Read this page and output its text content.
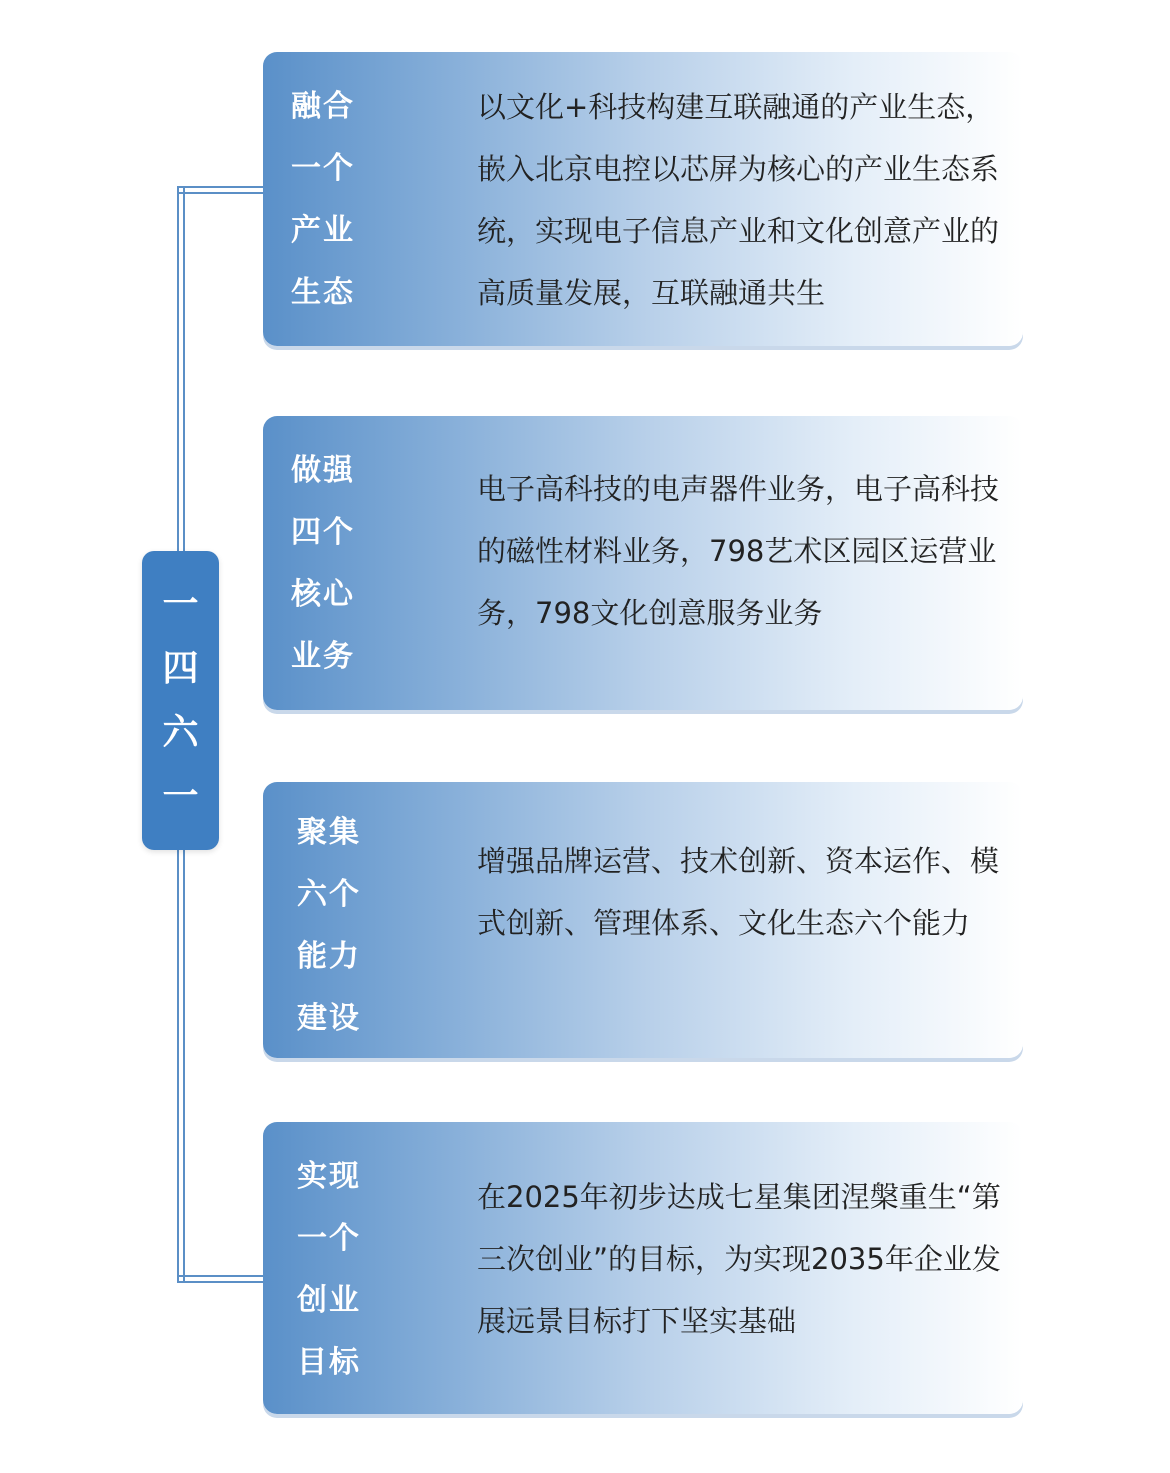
一
四
六
一
融合
一个
产业
生态

以文化+科技构建互联融通的产业生态，嵌入北京电控以芯屏为核心的产业生态系统，实现电子信息产业和文化创意产业的高质量发展，互联融通共生

做强
四个
核心
业务

电子高科技的电声器件业务，电子高科技的磁性材料业务，798艺术区园区运营业务，798文化创意服务业务

聚集
六个
能力
建设

增强品牌运营、技术创新、资本运作、模式创新、管理体系、文化生态六个能力

实现
一个
创业
目标

在2025年初步达成七星集团涅槃重生“第三次创业”的目标，为实现2035年企业发展远景目标打下坚实基础
